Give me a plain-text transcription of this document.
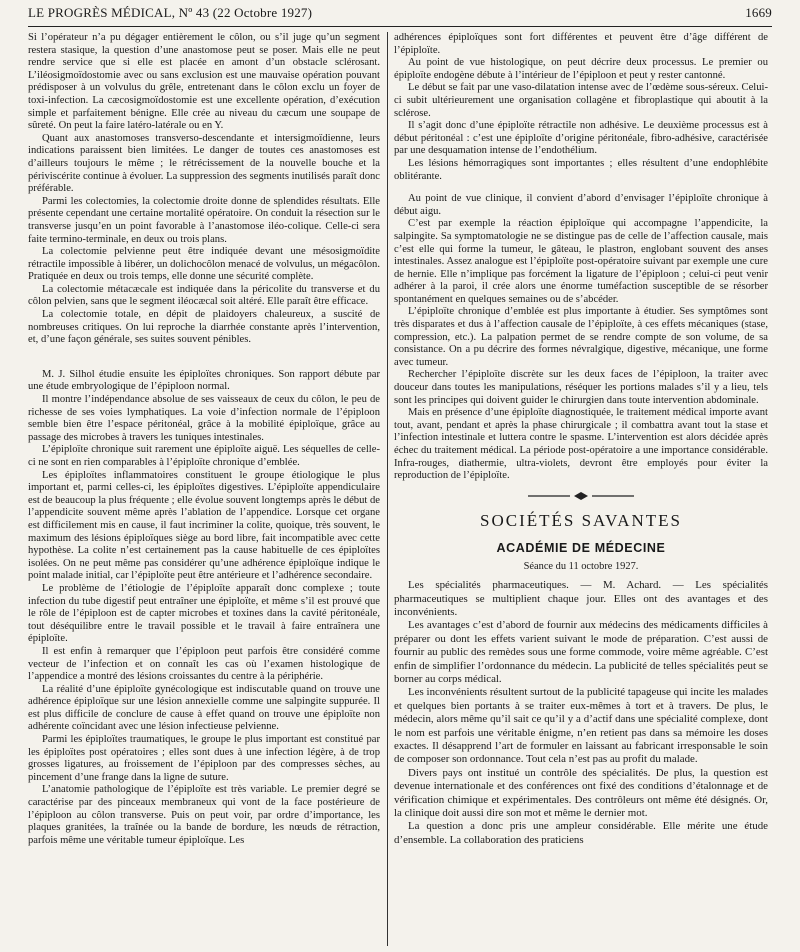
LE PROGRÈS MÉDICAL, Nº 43 (22 Octobre 1927)	1669

Si l’opérateur n’a pu dégager entièrement le côlon, ou s’il juge qu’un segment restera stasique, la question d’une anastomose peut se poser. Mais elle ne peut rendre service que si elle est placée en amont d’un obstacle sclérosant. L’iléosigmoïdostomie avec ou sans exclusion est une mauvaise opération pouvant prédisposer à un volvulus du grêle, entretenant dans le côlon exclu un foyer de toxi-infection. La cæcosigmoïdostomie est une excellente opération, d’exécution simple et parfaitement bénigne. Elle crée au niveau du cæcum une soupape de sûreté. On peut la faire latéro-latérale ou en Y.

Quant aux anastomoses transverso-descendante et intersigmoïdienne, leurs indications paraissent bien limitées. Le danger de toutes ces anastomoses est d’ailleurs toujours le même ; le rétrécissement de la nouvelle bouche et la périviscérite continue à évoluer. La suppression des segments inutilisés paraît donc préférable.

Parmi les colectomies, la colectomie droite donne de splendides résultats. Elle présente cependant une certaine mortalité opératoire. On conduit la résection sur le transverse jusqu’en un point favorable à l’anastomose iléo-colique. Celle-ci sera faite termino-terminale, en deux ou trois plans.

La colectomie pelvienne peut être indiquée devant une mésosigmoïdite rétractile impossible à libérer, un dolichocôlon menacé de volvulus, un mégacôlon. Pratiquée en deux ou trois temps, elle donne une sécurité complète.

La colectomie métacæcale est indiquée dans la péricolite du transverse et du côlon pelvien, sans que le segment iléocæcal soit altéré. Elle paraît être efficace.

La colectomie totale, en dépit de plaidoyers chaleureux, a suscité de nombreuses critiques. On lui reproche la diarrhée constante après l’intervention, et, d’une façon générale, ses suites souvent pénibles.

M. J. Silhol étudie ensuite les épiploïtes chroniques. Son rapport débute par une étude embryologique de l’épiploon normal.

Il montre l’indépendance absolue de ses vaisseaux de ceux du côlon, le peu de richesse de ses voies lymphatiques. La voie d’infection normale de l’épiploon semble bien être l’espace péritonéal, grâce à la mobilité épiploïque, grâce au passage des microbes à travers les tuniques intestinales.

L’épiploïte chronique suit rarement une épiploïte aiguë. Les séquelles de celle-ci ne sont en rien comparables à l’épiploïte chronique d’emblée.

Les épiploïtes inflammatoires constituent le groupe étiologique le plus important et, parmi celles-ci, les épiploïtes digestives. L’épiploïte appendiculaire est de beaucoup la plus fréquente ; elle évolue souvent longtemps après le début de l’appendicite souvent même après l’ablation de l’appendice. Lorsque cet organe est difficilement mis en cause, il faut incriminer la colite, quoique, très souvent, le maximum des lésions épiploïques siège au bord libre, fait incompatible avec cette hypothèse. La colite n’est certainement pas la cause habituelle de ces épiploïtes isolées. On ne peut même pas considérer qu’une adhérence épiploïque indique le point malade initial, car l’épiploïte peut être antérieure et l’adhérence secondaire.

Le problème de l’étiologie de l’épiploïte apparaît donc complexe ; toute infection du tube digestif peut entraîner une épiploïte, et même s’il est prouvé que le rôle de l’épiploon est de capter microbes et toxines dans la cavité péritonéale, tout déséquilibre entre le travail possible et le travail à faire entraînera une épiploïte.

Il est enfin à remarquer que l’épiploon peut parfois être considéré comme vecteur de l’infection et on connaît les cas où l’examen histologique de l’appendice a montré des lésions croissantes du centre à la périphérie.

La réalité d’une épiploïte gynécologique est indiscutable quand on trouve une adhérence épiploïque sur une lésion annexielle comme une salpingite suppurée. Il est plus difficile de conclure de cause à effet quand on trouve une épiploïte non adhérente coïncidant avec une lésion infectieuse pelvienne.

Parmi les épiploïtes traumatiques, le groupe le plus important est constitué par les épiploïtes post opératoires ; elles sont dues à une infection légère, à de trop grosses ligatures, au froissement de l’épiploon par des compresses sèches, au pincement d’une frange dans la ligne de suture.

L’anatomie pathologique de l’épiploïte est très variable. Le premier degré se caractérise par des pinceaux membraneux qui vont de la face postérieure de l’épiploon au côlon transverse. Puis on peut voir, par ordre d’importance, les plaques granitées, la traînée ou la bande de bordure, les nœuds de rétraction, parfois même une véritable tumeur épiploïque. Les

adhérences épiploïques sont fort différentes et peuvent être d’âge différent de l’épiploïte.

Au point de vue histologique, on peut décrire deux processus. Le premier ou épiploïte endogène débute à l’intérieur de l’épiploon et peut y rester cantonné.

Le début se fait par une vaso-dilatation intense avec de l’œdème sous-séreux. Celui-ci subit ultérieurement une organisation collagène et fibroplastique qui aboutit à la sclérose.

Il s’agit donc d’une épiploïte rétractile non adhésive. Le deuxième processus est à début péritonéal : c’est une épiploïte d’origine péritonéale, fibro-adhésive, caractérisée par une desquamation intense de l’endothélium.

Les lésions hémorragiques sont importantes ; elles résultent d’une endophlébite oblitérante.

Au point de vue clinique, il convient d’abord d’envisager l’épiploïte chronique à début aigu.

C’est par exemple la réaction épiploïque qui accompagne l’appendicite, la salpingite. Sa symptomatologie ne se distingue pas de celle de l’affection causale, mais c’est elle qui forme la tumeur, le gâteau, le plastron, englobant souvent des anses intestinales. Assez analogue est l’épiploïte post-opératoire suivant par exemple une cure de hernie. Elle n’implique pas forcément la ligature de l’épiploon ; celui-ci peut venir adhérer à la paroi, il crée alors une énorme tuméfaction susceptible de se résorber spontanément en quelques semaines ou de s’abcéder.

L’épiploïte chronique d’emblée est plus importante à étudier. Ses symptômes sont très disparates et dus à l’affection causale de l’épiploïte, à ces effets mécaniques (stase, compression, etc.). La palpation permet de se rendre compte de son volume, de sa consistance. On a pu décrire des formes névralgique, digestive, mécanique, une forme avec tumeur.

Rechercher l’épiploïte discrète sur les deux faces de l’épiploon, la traiter avec douceur dans toutes les manipulations, réséquer les portions malades s’il y a lieu, tels sont les principes qui doivent guider le chirurgien dans toute intervention abdominale.

Mais en présence d’une épiploïte diagnostiquée, le traitement médical importe avant tout, avant, pendant et après la phase chirurgicale ; il combattra avant tout la stase et l’infection intestinale et luttera contre le spasme. L’intervention est alors décidée après échec du traitement médical. La période post-opératoire a une importance considérable. Infra-rouges, diathermie, ultra-violets, devront être employés pour éviter la reproduction de l’épiploïte.

SOCIÉTÉS SAVANTES
ACADÉMIE DE MÉDECINE
Séance du 11 octobre 1927.

Les spécialités pharmaceutiques. — M. Achard. — Les spécialités pharmaceutiques se multiplient chaque jour. Elles ont des avantages et des inconvénients.

Les avantages c’est d’abord de fournir aux médecins des médicaments difficiles à préparer ou dont les effets varient suivant le mode de préparation. C’est aussi de fournir au public des remèdes sous une forme commode, voire même agréable. C’est enfin de simplifier l’ordonnance du médecin. La publicité de telles spécialités peut se borner au corps médical.

Les inconvénients résultent surtout de la publicité tapageuse qui incite les malades et quelques bien portants à se traiter eux-mêmes à tort et à travers. De plus, le médecin, alors même qu’il sait ce qu’il y a d’actif dans une spécialité complexe, dont le nom est parfois une véritable énigme, n’en retient pas dans sa mémoire les doses exactes. Il désapprend l’art de formuler en laissant au fabricant irresponsable le soin de composer son ordonnance. Tout cela n’est pas au profit du malade.

Divers pays ont institué un contrôle des spécialités. De plus, la question est devenue internationale et des conférences ont fixé des conditions d’étalonnage et de vérification chimique et expérimentales. Des contrôleurs ont même été désignés. Or, la clinique doit aussi dire son mot et même le dernier mot.

La question a donc pris une ampleur considérable. Elle mérite une étude d’ensemble. La collaboration des praticiens
